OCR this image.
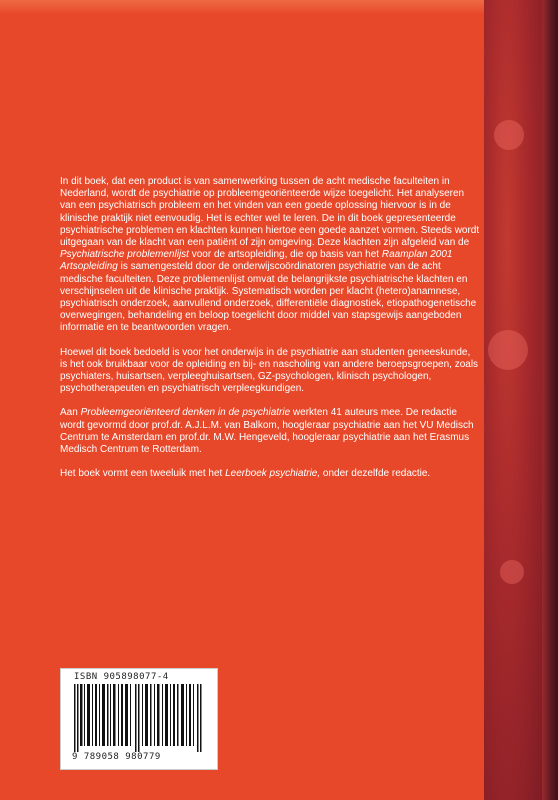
In dit boek, dat een product is van samenwerking tussen de acht medische faculteiten in Nederland, wordt de psychiatrie op probleemgeoriënteerde wijze toegelicht. Het analyseren van een psychiatrisch probleem en het vinden van een goede oplossing hiervoor is in de klinische praktijk niet eenvoudig. Het is echter wel te leren. De in dit boek gepresenteerde psychiatrische problemen en klachten kunnen hiertoe een goede aanzet vormen. Steeds wordt uitgegaan van de klacht van een patiënt of zijn omgeving. Deze klachten zijn afgeleid van de Psychiatrische problemenlijst voor de artsopleiding, die op basis van het Raamplan 2001 Artsopleiding is samengesteld door de onderwijscoördinatoren psychiatrie van de acht medische faculteiten. Deze problemenlijst omvat de belangrijkste psychiatrische klachten en verschijnselen uit de klinische praktijk. Systematisch worden per klacht (hetero)anamnese, psychiatrisch onderzoek, aanvullend onderzoek, differentiële diagnostiek, etiopathogenetische overwegingen, behandeling en beloop toegelicht door middel van stapsgewijs aangeboden informatie en te beantwoorden vragen.

Hoewel dit boek bedoeld is voor het onderwijs in de psychiatrie aan studenten geneeskunde, is het ook bruikbaar voor de opleiding en bij- en nascholing van andere beroepsgroepen, zoals psychiaters, huisartsen, verpleeghuisartsen, GZ-psychologen, klinisch psychologen, psychotherapeuten en psychiatrisch verpleegkundigen.

Aan Probleemgeoriënteerd denken in de psychiatrie werkten 41 auteurs mee. De redactie wordt gevormd door prof.dr. A.J.L.M. van Balkom, hoogleraar psychiatrie aan het VU Medisch Centrum te Amsterdam en prof.dr. M.W. Hengeveld, hoogleraar psychiatrie aan het Erasmus Medisch Centrum te Rotterdam.

Het boek vormt een tweeluik met het Leerboek psychiatrie, onder dezelfde redactie.

ISBN 905898077-4
9 789058 980779
